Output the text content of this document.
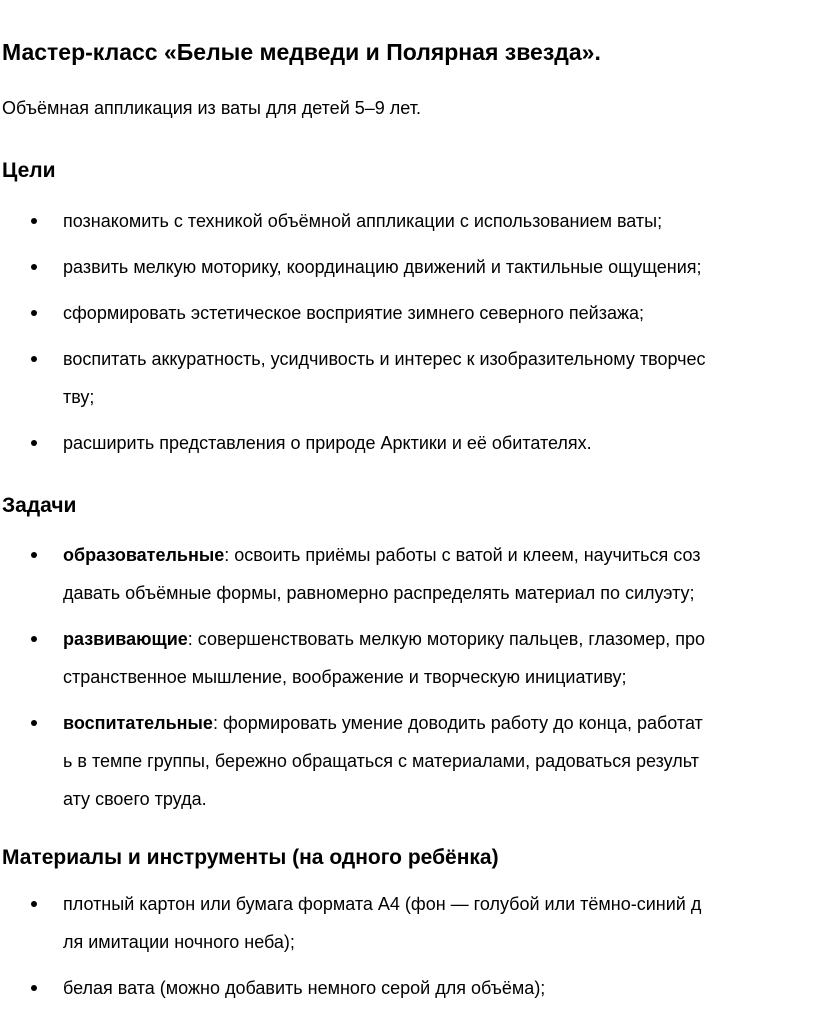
Мастер-класс «Белые медведи и Полярная звезда».

Объёмная аппликация из ваты для детей 5–9 лет.

Цели
познакомить с техникой объёмной аппликации с использованием ваты;
развить мелкую моторику, координацию движений и тактильные ощущения;
сформировать эстетическое восприятие зимнего северного пейзажа;
воспитать аккуратность, усидчивость и интерес к изобразительному творчес
тву;
расширить представления о природе Арктики и её обитателях.
Задачи
образовательные: освоить приёмы работы с ватой и клеем, научиться соз
давать объёмные формы, равномерно распределять материал по силуэту;
развивающие: совершенствовать мелкую моторику пальцев, глазомер, про
странственное мышление, воображение и творческую инициативу;
воспитательные: формировать умение доводить работу до конца, работат
ь в темпе группы, бережно обращаться с материалами, радоваться результ
ату своего труда.
Материалы и инструменты (на одного ребёнка)
плотный картон или бумага формата А4 (фон — голубой или тёмно-синий д
ля имитации ночного неба);
белая вата (можно добавить немного серой для объёма);
